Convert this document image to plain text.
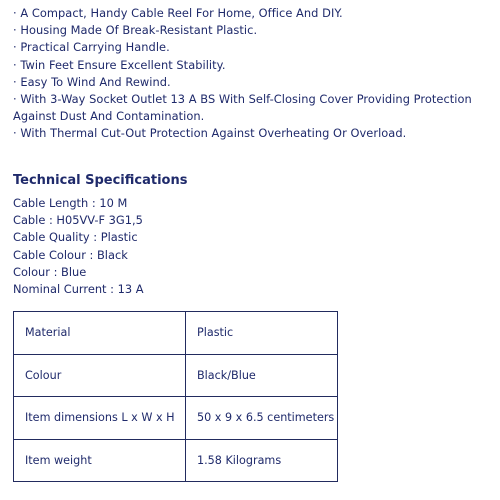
· A Compact, Handy Cable Reel For Home, Office And DIY.
· Housing Made Of Break-Resistant Plastic.
· Practical Carrying Handle.
· Twin Feet Ensure Excellent Stability.
· Easy To Wind And Rewind.
· With 3-Way Socket Outlet 13 A BS With Self-Closing Cover Providing Protection Against Dust And Contamination.
· With Thermal Cut-Out Protection Against Overheating Or Overload.
Technical Specifications
Cable Length : 10 M
Cable : H05VV-F 3G1,5
Cable Quality : Plastic
Cable Colour : Black
Colour : Blue
Nominal Current : 13 A
Material	Plastic
Colour	Black/Blue
Item dimensions L x W x H	50 x 9 x 6.5 centimeters
Item weight	1.58 Kilograms
